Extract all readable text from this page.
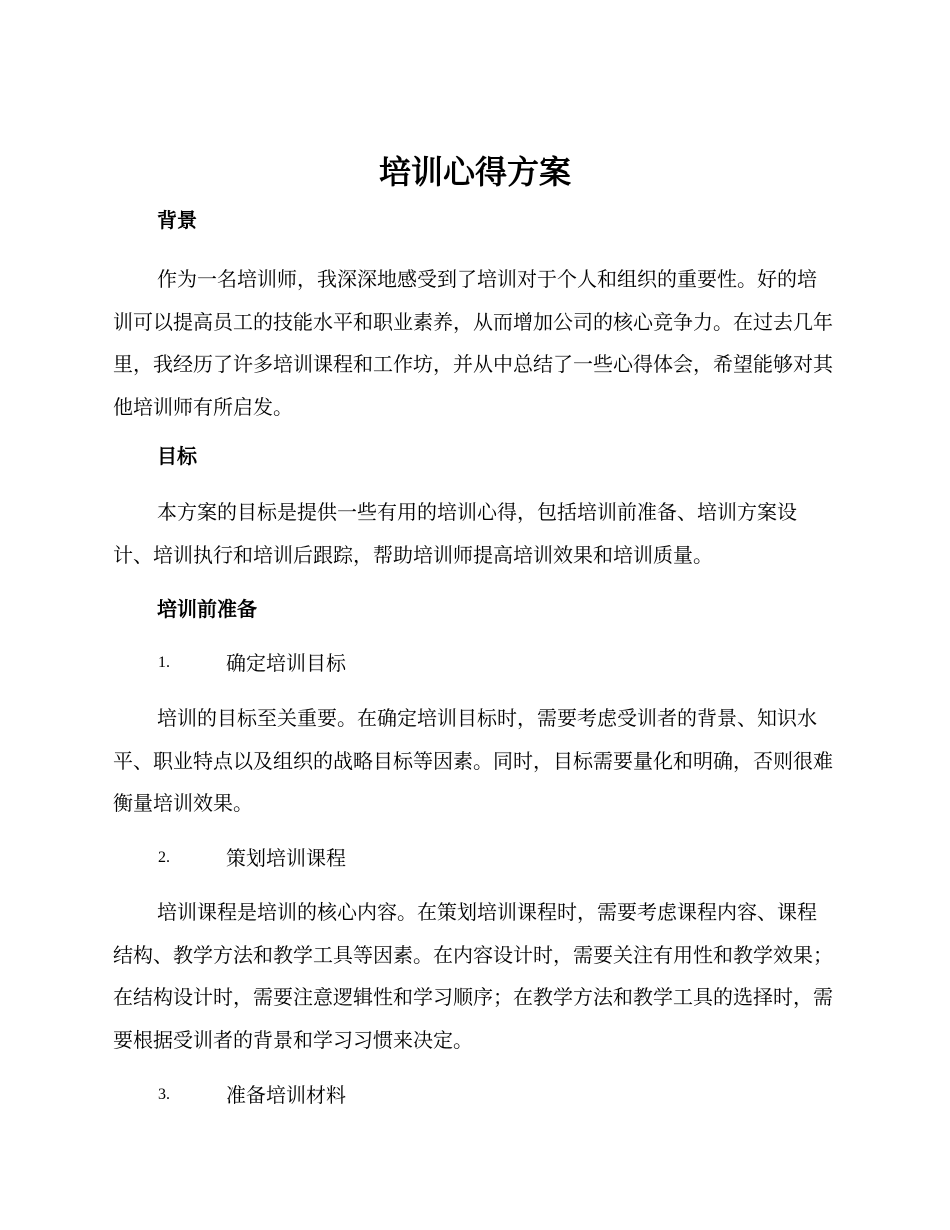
培训心得方案
背景

作为一名培训师，我深深地感受到了培训对于个人和组织的重要性。好的培训可以提高员工的技能水平和职业素养，从而增加公司的核心竞争力。在过去几年里，我经历了许多培训课程和工作坊，并从中总结了一些心得体会，希望能够对其他培训师有所启发。

目标

本方案的目标是提供一些有用的培训心得，包括培训前准备、培训方案设计、培训执行和培训后跟踪，帮助培训师提高培训效果和培训质量。

培训前准备
1.	确定培训目标

培训的目标至关重要。在确定培训目标时，需要考虑受训者的背景、知识水平、职业特点以及组织的战略目标等因素。同时，目标需要量化和明确，否则很难衡量培训效果。

2.	策划培训课程

培训课程是培训的核心内容。在策划培训课程时，需要考虑课程内容、课程结构、教学方法和教学工具等因素。在内容设计时，需要关注有用性和教学效果；在结构设计时，需要注意逻辑性和学习顺序；在教学方法和教学工具的选择时，需要根据受训者的背景和学习习惯来决定。

3.	准备培训材料
